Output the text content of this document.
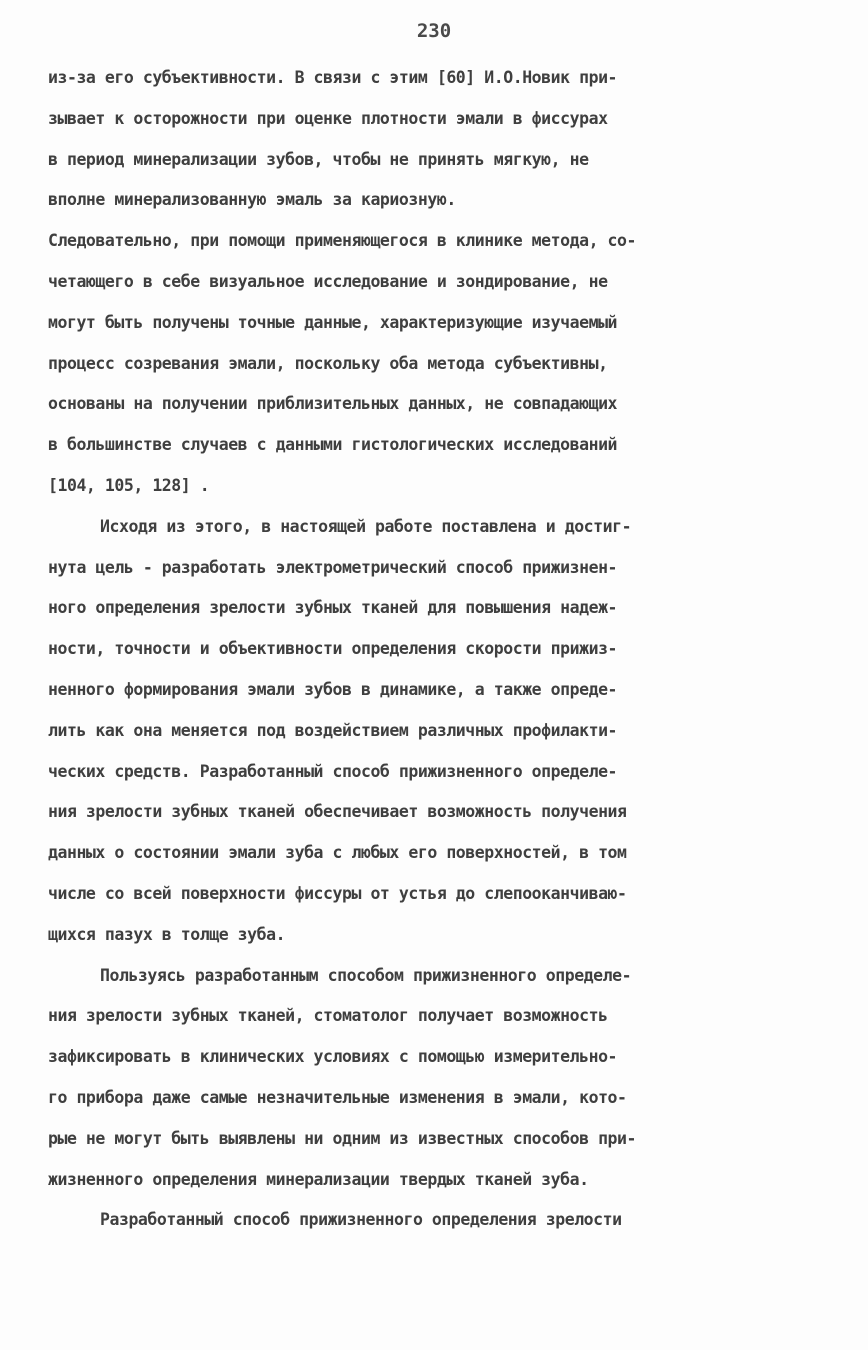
230
из-за его субъективности. В связи с этим [60] И.О.Новик при-
зывает к осторожности при оценке плотности эмали в фиссурах
в период минерализации зубов, чтобы не принять мягкую, не
вполне минерализованную эмаль за кариозную.
Следовательно, при помощи применяющегося в клинике метода, со-
четающего в себе визуальное исследование и зондирование, не
могут быть получены точные данные, характеризующие изучаемый
процесс созревания эмали, поскольку оба метода субъективны,
основаны на получении приблизительных данных, не совпадающих
в большинстве случаев с данными гистологических исследований
[104, 105, 128] .
Исходя из этого, в настоящей работе поставлена и достиг-
нута цель - разработать электрометрический способ прижизнен-
ного определения зрелости зубных тканей для повышения надеж-
ности, точности и объективности определения скорости прижиз-
ненного формирования эмали зубов в динамике, а также опреде-
лить как она меняется под воздействием различных профилакти-
ческих средств. Разработанный способ прижизненного определе-
ния зрелости зубных тканей обеспечивает возможность получения
данных о состоянии эмали зуба с любых его поверхностей, в том
числе со всей поверхности фиссуры от устья до слепооканчиваю-
щихся пазух в толще зуба.
Пользуясь разработанным способом прижизненного определе-
ния зрелости зубных тканей, стоматолог получает возможность
зафиксировать в клинических условиях с помощью измерительно-
го прибора даже самые незначительные изменения в эмали, кото-
рые не могут быть выявлены ни одним из известных способов при-
жизненного определения минерализации твердых тканей зуба.
Разработанный способ прижизненного определения зрелости
